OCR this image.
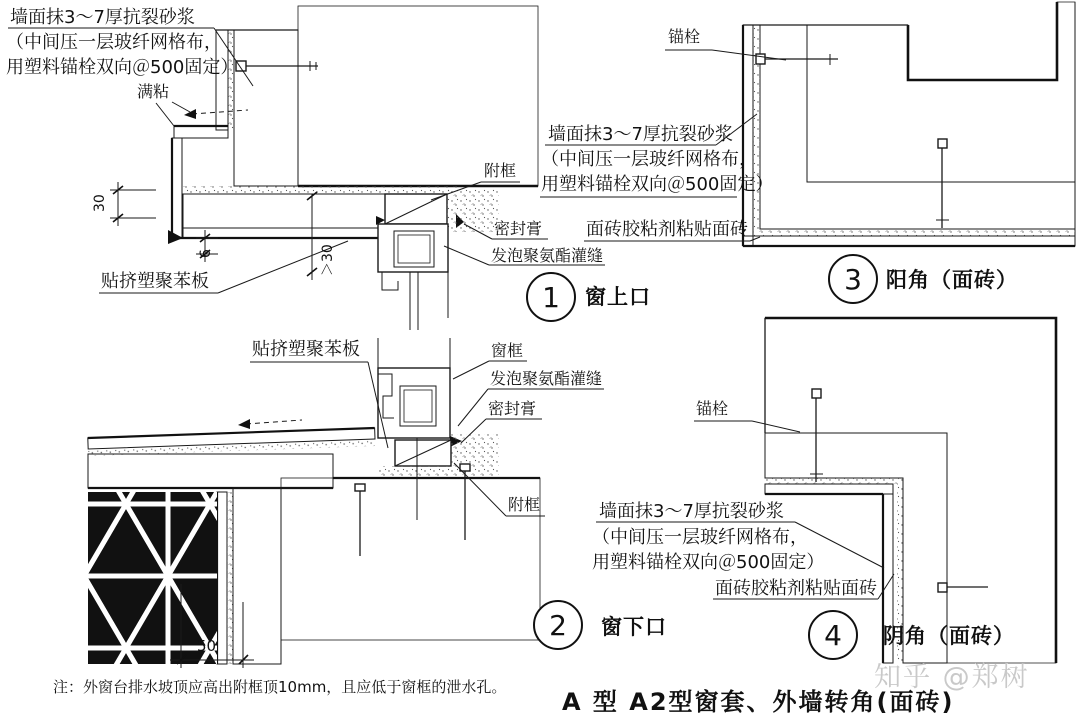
墙面抹3～7厚抗裂砂浆
（中间压一层玻纤网格布，
用塑料锚栓双向＠500固定）
满粘
贴挤塑聚苯板
附框
密封膏
发泡聚氨酯灌缝
30
6	＞30
1 窗上口
贴挤塑聚苯板	窗框
发泡聚氨酯灌缝
密封膏
附框
50
2 窗下口
锚栓
墙面抹3～7厚抗裂砂浆
（中间压一层玻纤网格布，
用塑料锚栓双向＠500固定）
面砖胶粘剂粘贴面砖
3 阳角（面砖）
锚栓
墙面抹3～7厚抗裂砂浆
（中间压一层玻纤网格布，
用塑料锚栓双向＠500固定）
面砖胶粘剂粘贴面砖
4 阴角（面砖）
注：外窗台排水坡顶应高出附框顶10mm，且应低于窗框的泄水孔。
A 型 A2型窗套、外墙转角(面砖)
知乎 @郑树
